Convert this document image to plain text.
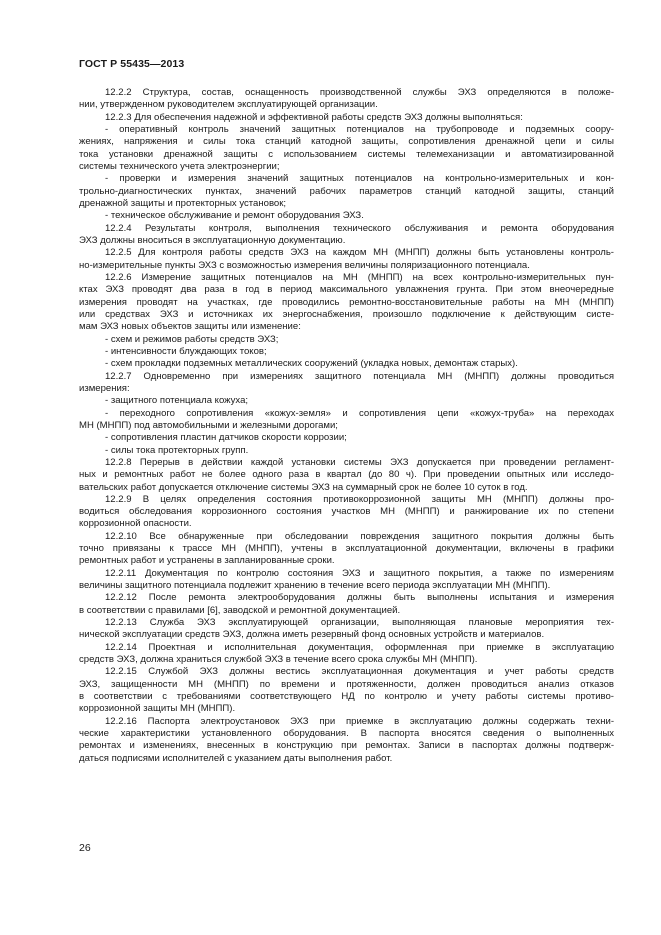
ГОСТ Р 55435—2013
12.2.2 Структура, состав, оснащенность производственной службы ЭХЗ определяются в положе-
нии, утвержденном руководителем эксплуатирующей организации.
12.2.3 Для обеспечения надежной и эффективной работы средств ЭХЗ должны выполняться:
- оперативный контроль значений защитных потенциалов на трубопроводе и подземных соору-
жениях, напряжения и силы тока станций катодной защиты, сопротивления дренажной цепи и силы
тока установки дренажной защиты с использованием системы телемеханизации и автоматизированной
системы технического учета электроэнергии;
- проверки и измерения значений защитных потенциалов на контрольно-измерительных и кон-
трольно-диагностических пунктах, значений рабочих параметров станций катодной защиты, станций
дренажной защиты и протекторных установок;
- техническое обслуживание и ремонт оборудования ЭХЗ.
12.2.4 Результаты контроля, выполнения технического обслуживания и ремонта оборудования
ЭХЗ должны вноситься в эксплуатационную документацию.
12.2.5 Для контроля работы средств ЭХЗ на каждом МН (МНПП) должны быть установлены контроль-
но-измерительные пункты ЭХЗ с возможностью измерения величины поляризационного потенциала.
12.2.6 Измерение защитных потенциалов на МН (МНПП) на всех контрольно-измерительных пун-
ктах ЭХЗ проводят два раза в год в период максимального увлажнения грунта. При этом внеочередные
измерения проводят на участках, где проводились ремонтно-восстановительные работы на МН (МНПП)
или средствах ЭХЗ и источниках их энергоснабжения, произошло подключение к действующим систе-
мам ЭХЗ новых объектов защиты или изменение:
- схем и режимов работы средств ЭХЗ;
- интенсивности блуждающих токов;
- схем прокладки подземных металлических сооружений (укладка новых, демонтаж старых).
12.2.7 Одновременно при измерениях защитного потенциала МН (МНПП) должны проводиться
измерения:
- защитного потенциала кожуха;
- переходного сопротивления «кожух-земля» и сопротивления цепи «кожух-труба» на переходах
МН (МНПП) под автомобильными и железными дорогами;
- сопротивления пластин датчиков скорости коррозии;
- силы тока протекторных групп.
12.2.8 Перерыв в действии каждой установки системы ЭХЗ допускается при проведении регламент-
ных и ремонтных работ не более одного раза в квартал (до 80 ч). При проведении опытных или исследо-
вательских работ допускается отключение системы ЭХЗ на суммарный срок не более 10 суток в год.
12.2.9 В целях определения состояния противокоррозионной защиты МН (МНПП) должны про-
водиться обследования коррозионного состояния участков МН (МНПП) и ранжирование их по степени
коррозионной опасности.
12.2.10 Все обнаруженные при обследовании повреждения защитного покрытия должны быть
точно привязаны к трассе МН (МНПП), учтены в эксплуатационной документации, включены в графики
ремонтных работ и устранены в запланированные сроки.
12.2.11 Документация по контролю состояния ЭХЗ и защитного покрытия, а также по измерениям
величины защитного потенциала подлежит хранению в течение всего периода эксплуатации МН (МНПП).
12.2.12 После ремонта электрооборудования должны быть выполнены испытания и измерения
в соответствии с правилами [6], заводской и ремонтной документацией.
12.2.13 Служба ЭХЗ эксплуатирующей организации, выполняющая плановые мероприятия тех-
нической эксплуатации средств ЭХЗ, должна иметь резервный фонд основных устройств и материалов.
12.2.14 Проектная и исполнительная документация, оформленная при приемке в эксплуатацию
средств ЭХЗ, должна храниться службой ЭХЗ в течение всего срока службы МН (МНПП).
12.2.15 Службой ЭХЗ должны вестись эксплуатационная документация и учет работы средств
ЭХЗ, защищенности МН (МНПП) по времени и протяженности, должен проводиться анализ отказов
в соответствии с требованиями соответствующего НД по контролю и учету работы системы противо-
коррозионной защиты МН (МНПП).
12.2.16 Паспорта электроустановок ЭХЗ при приемке в эксплуатацию должны содержать техни-
ческие характеристики установленного оборудования. В паспорта вносятся сведения о выполненных
ремонтах и изменениях, внесенных в конструкцию при ремонтах. Записи в паспортах должны подтверж-
даться подписями исполнителей с указанием даты выполнения работ.
26
